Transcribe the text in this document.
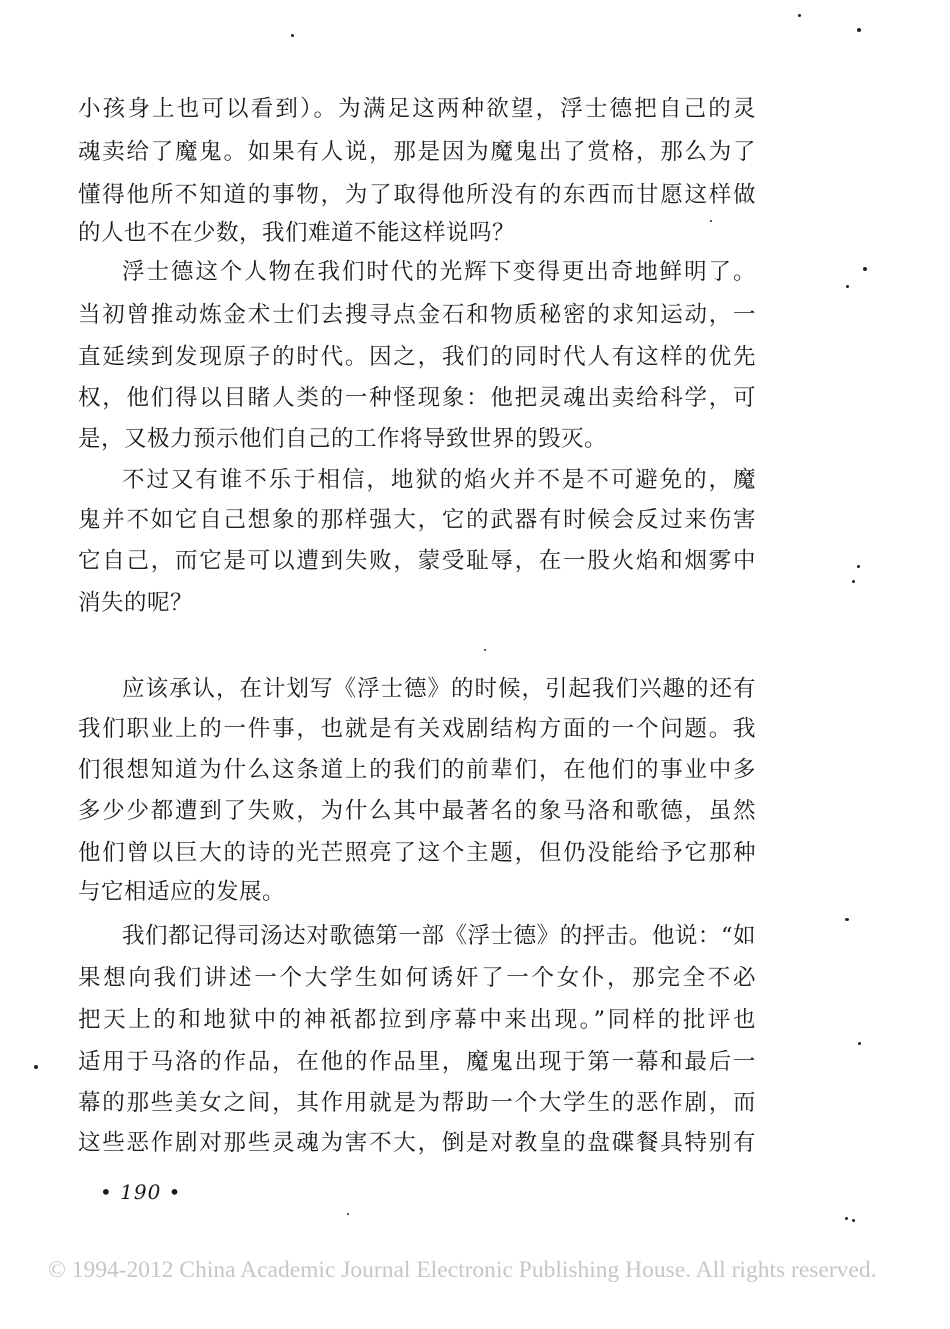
小孩身上也可以看到）。为满足这两种欲望，浮士德把自己的灵
魂卖给了魔鬼。如果有人说，那是因为魔鬼出了赏格，那么为了
懂得他所不知道的事物，为了取得他所没有的东西而甘愿这样做
的人也不在少数，我们难道不能这样说吗？
浮士德这个人物在我们时代的光辉下变得更出奇地鲜明了。
当初曾推动炼金术士们去搜寻点金石和物质秘密的求知运动，一
直延续到发现原子的时代。因之，我们的同时代人有这样的优先
权，他们得以目睹人类的一种怪现象：他把灵魂出卖给科学，可
是，又极力预示他们自己的工作将导致世界的毁灭。
不过又有谁不乐于相信，地狱的焰火并不是不可避免的，魔
鬼并不如它自己想象的那样强大，它的武器有时候会反过来伤害
它自己，而它是可以遭到失败，蒙受耻辱，在一股火焰和烟雾中
消失的呢？
应该承认，在计划写《浮士德》的时候，引起我们兴趣的还有
我们职业上的一件事，也就是有关戏剧结构方面的一个问题。我
们很想知道为什么这条道上的我们的前辈们，在他们的事业中多
多少少都遭到了失败，为什么其中最著名的象马洛和歌德，虽然
他们曾以巨大的诗的光芒照亮了这个主题，但仍没能给予它那种
与它相适应的发展。
我们都记得司汤达对歌德第一部《浮士德》的抨击。他说：“如
果想向我们讲述一个大学生如何诱奸了一个女仆，那完全不必
把天上的和地狱中的神祇都拉到序幕中来出现。”同样的批评也
适用于马洛的作品，在他的作品里，魔鬼出现于第一幕和最后一
幕的那些美女之间，其作用就是为帮助一个大学生的恶作剧，而
这些恶作剧对那些灵魂为害不大，倒是对教皇的盘碟餐具特别有
• 190 •
© 1994-2012 China Academic Journal Electronic Publishing House. All rights reserved.
